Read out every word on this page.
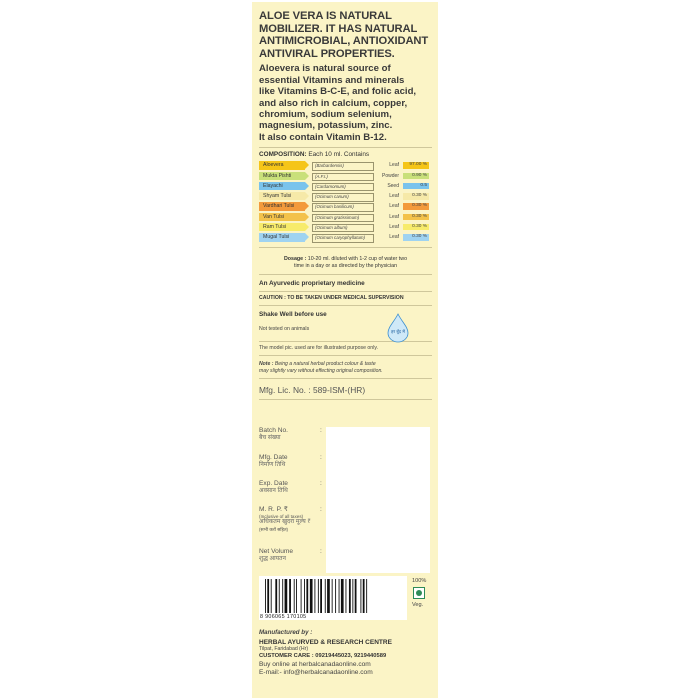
ALOE VERA IS NATURAL
MOBILIZER. IT HAS NATURAL
ANTIMICROBIAL, ANTIOXIDANT
ANTIVIRAL PROPERTIES.
Aloevera is natural source of
essential Vitamins and minerals
like Vitamins B-C-E, and folic acid,
and also rich in calcium, copper,
chromium, sodium selenium,
magnesium, potassium, zinc.
It also contain Vitamin B-12.
COMPOSITION: Each 10 ml. Contains
Aloevera	(Barbardensis)	Leaf	97.00 %
Mukta Pishti	(A.F.I.)	Powder	0.90 %
Elayachi	(Cardamomum)	Seed	0.5
Shyam Tulsi	(Ocimum canum)	Leaf	0.30 %
Vardhari Tulsi	(Ocimum basilicum)	Leaf	0.30 %
Van Tulsi	(Ocimum gratissimum)	Leaf	0.30 %
Ram Tulsi	(Ocimum album)	Leaf	0.30 %
Mugal Tulsi	(Ocimum caryophyllatum)	Leaf	0.30 %
Dosage : 10-20 ml. diluted with 1-2 cup of water two
time in a day or as directed by the physician
An Ayurvedic proprietary medicine
CAUTION : TO BE TAKEN UNDER MEDICAL SUPERVISION
Shake Well before use
Not tested on animals	हर बूँद में
The model pic. used are for illustrated purpose only.
Note : Being a natural herbal product colour & taste
may slightly vary without effecting original composition.
Mfg. Lic. No. : 589-ISM-(HR)
Batch No.
बैच संख्या
:
Mfg. Date
निर्माण तिथि
:
Exp. Date
अवसान तिथि
:
M. R. P. ₹
(Inclusive of all taxes)
अधिकतम खुदरा मूल्य ₹
(सभी करों सहित)
:
Net Volume
शुद्ध आयतन
:
8 906065 170105
100%
Veg.
Manufactured by :
HERBAL AYURVED & RESEARCH CENTRE
Tilpat, Faridabad (Hr)
CUSTOMER CARE : 09219445023, 9219440589
Buy online at herbalcanadaonline.com
E-mail:- info@herbalcanadaonline.com
